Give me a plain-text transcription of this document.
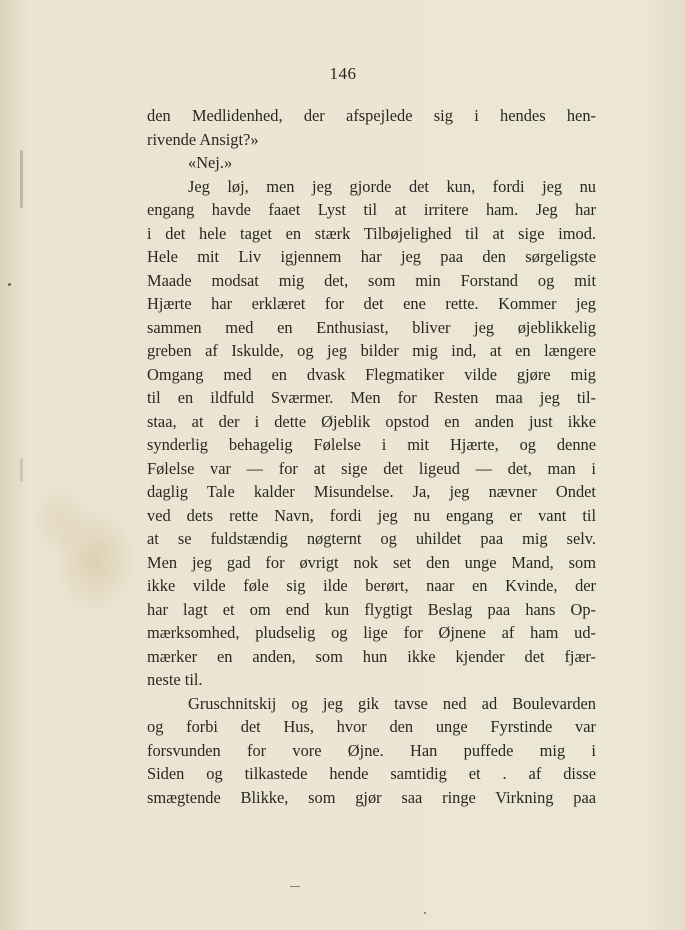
146
den Medlidenhed, der afspejlede sig i hendes hen-
rivende Ansigt?»
«Nej.»
Jeg løj, men jeg gjorde det kun, fordi jeg nu
engang havde faaet Lyst til at irritere ham. Jeg har
i det hele taget en stærk Tilbøjelighed til at sige imod.
Hele mit Liv igjennem har jeg paa den sørgeligste
Maade modsat mig det, som min Forstand og mit
Hjærte har erklæret for det ene rette. Kommer jeg
sammen med en Enthusiast, bliver jeg øjeblikkelig
greben af Iskulde, og jeg bilder mig ind, at en længere
Omgang med en dvask Flegmatiker vilde gjøre mig
til en ildfuld Sværmer. Men for Resten maa jeg til-
staa, at der i dette Øjeblik opstod en anden just ikke
synderlig behagelig Følelse i mit Hjærte, og denne
Følelse var — for at sige det ligeud — det, man i
daglig Tale kalder Misundelse. Ja, jeg nævner Ondet
ved dets rette Navn, fordi jeg nu engang er vant til
at se fuldstændig nøgternt og uhildet paa mig selv.
Men jeg gad for øvrigt nok set den unge Mand, som
ikke vilde føle sig ilde berørt, naar en Kvinde, der
har lagt et om end kun flygtigt Beslag paa hans Op-
mærksomhed, pludselig og lige for Øjnene af ham ud-
mærker en anden, som hun ikke kjender det fjær-
neste til.
Gruschnitskij og jeg gik tavse ned ad Boulevarden
og forbi det Hus, hvor den unge Fyrstinde var
forsvunden for vore Øjne. Han puffede mig i
Siden og tilkastede hende samtidig et . af disse
smægtende Blikke, som gjør saa ringe Virkning paa
